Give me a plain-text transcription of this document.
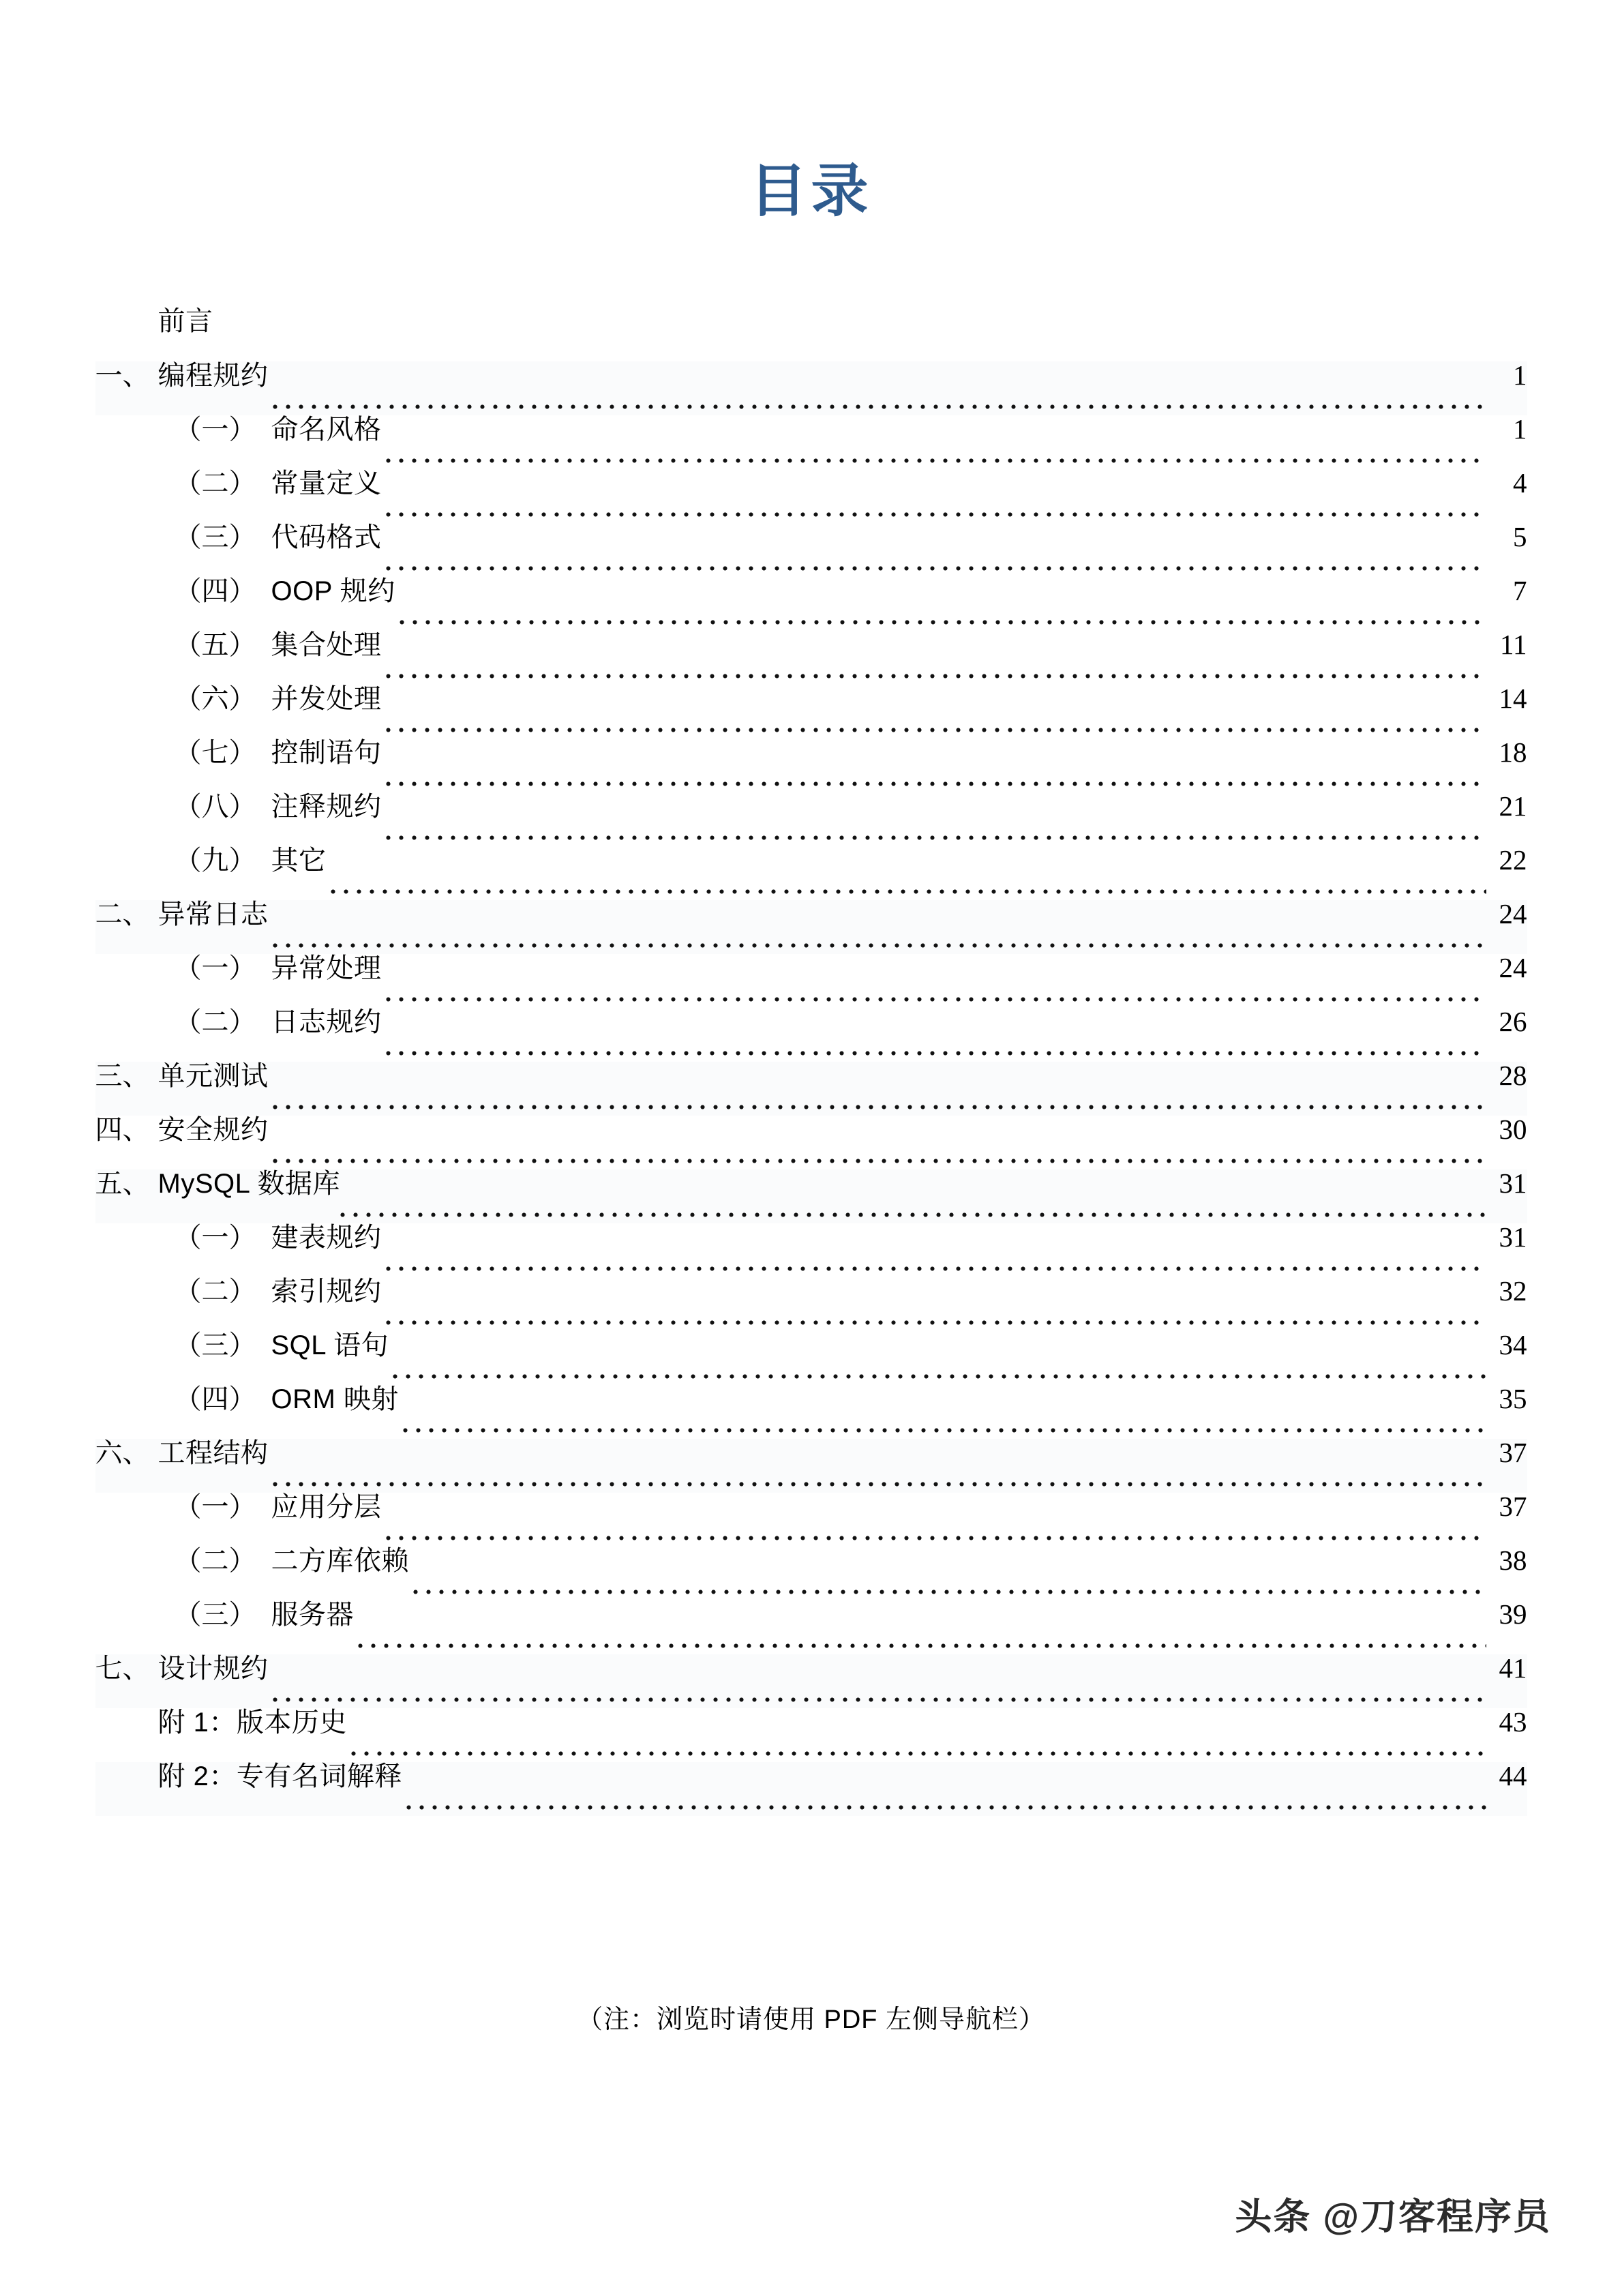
目录
前言
一、 编程规约	1
（一） 命名风格	1
（二） 常量定义	4
（三） 代码格式	5
（四） OOP 规约	7
（五） 集合处理	11
（六） 并发处理	14
（七） 控制语句	18
（八） 注释规约	21
（九） 其它	22
二、 异常日志	24
（一） 异常处理	24
（二） 日志规约	26
三、 单元测试	28
四、 安全规约	30
五、 MySQL 数据库	31
（一） 建表规约	31
（二） 索引规约	32
（三） SQL 语句	34
（四） ORM 映射	35
六、 工程结构	37
（一） 应用分层	37
（二） 二方库依赖	38
（三） 服务器	39
七、 设计规约	41
附 1：版本历史	43
附 2：专有名词解释	44
（注：浏览时请使用 PDF 左侧导航栏）
头条 @刀客程序员
